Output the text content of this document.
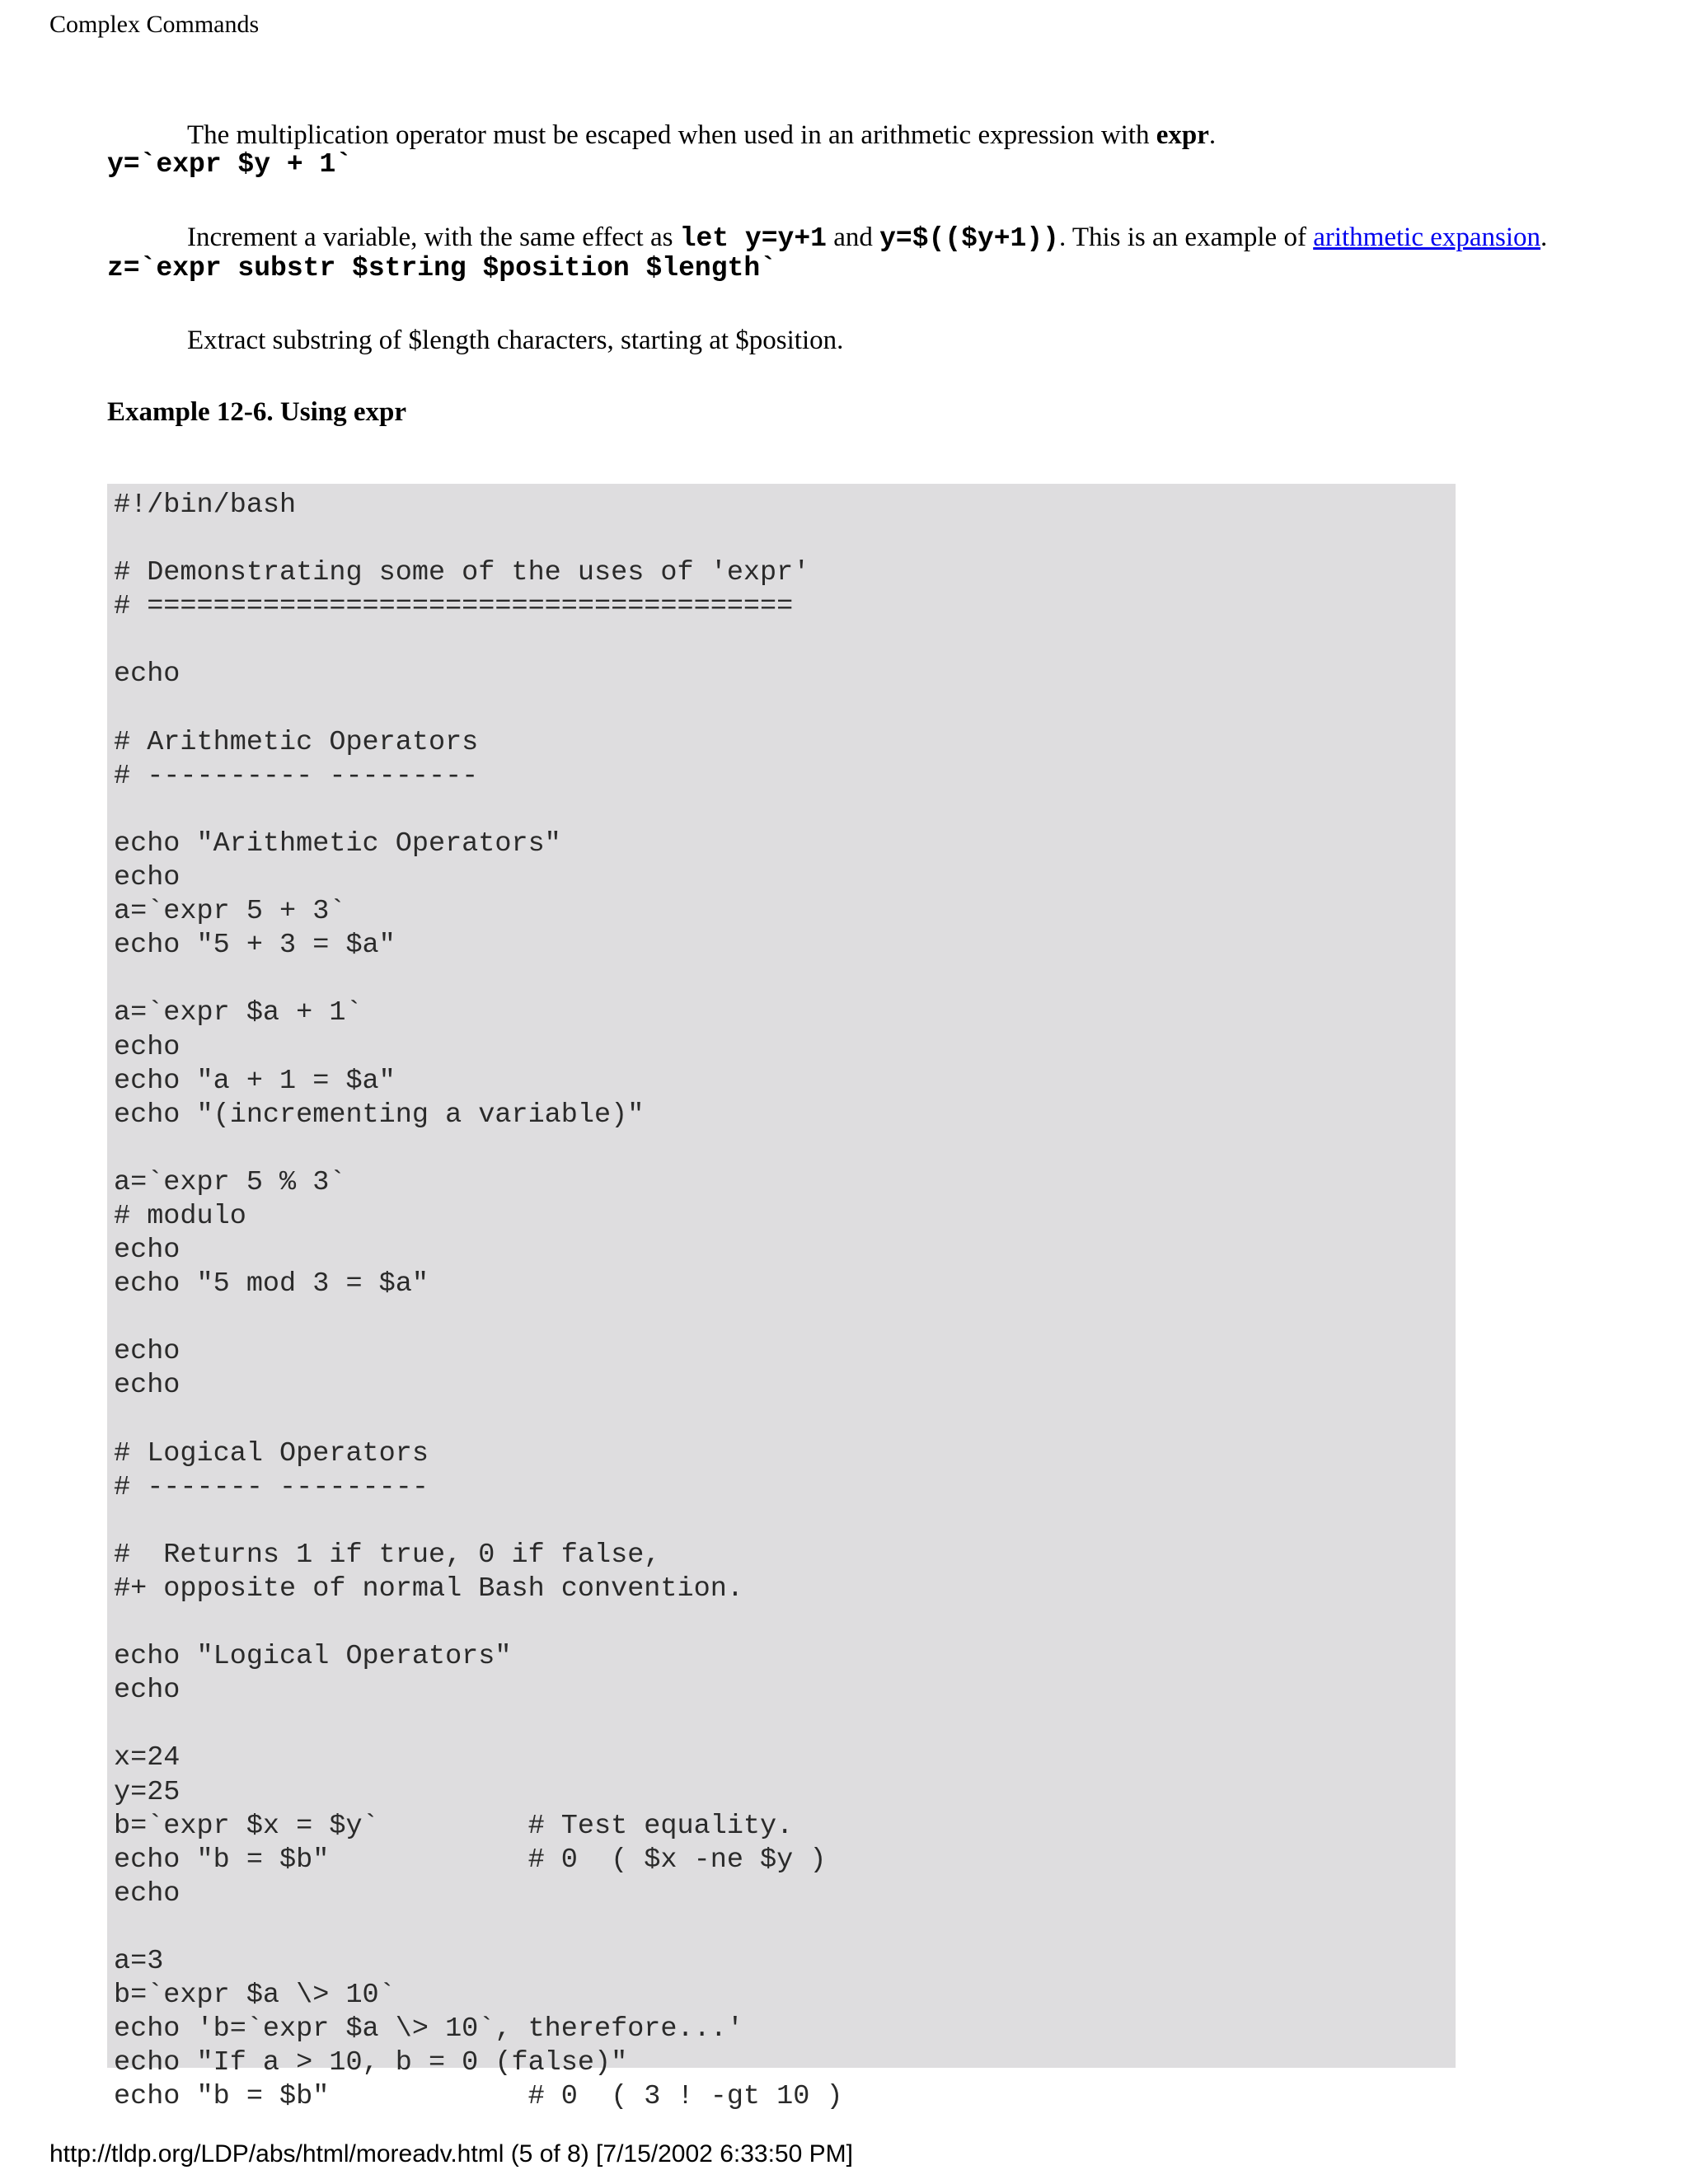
Complex Commands

The multiplication operator must be escaped when used in an arithmetic expression with expr.

y=`expr $y + 1`

Increment a variable, with the same effect as let y=y+1 and y=$(($y+1)). This is an example of arithmetic expansion.

z=`expr substr $string $position $length`

Extract substring of $length characters, starting at $position.

Example 12-6. Using expr

#!/bin/bash

# Demonstrating some of the uses of 'expr'
# =======================================

echo

# Arithmetic Operators
# ---------- ---------

echo "Arithmetic Operators"
echo
a=`expr 5 + 3`
echo "5 + 3 = $a"

a=`expr $a + 1`
echo
echo "a + 1 = $a"
echo "(incrementing a variable)"

a=`expr 5 % 3`
# modulo
echo
echo "5 mod 3 = $a"

echo
echo

# Logical Operators
# ------- ---------

#  Returns 1 if true, 0 if false,
#+ opposite of normal Bash convention.

echo "Logical Operators"
echo

x=24
y=25
b=`expr $x = $y`         # Test equality.
echo "b = $b"            # 0  ( $x -ne $y )
echo

a=3
b=`expr $a \> 10`
echo 'b=`expr $a \> 10`, therefore...'
echo "If a > 10, b = 0 (false)"
echo "b = $b"            # 0  ( 3 ! -gt 10 )
http://tldp.org/LDP/abs/html/moreadv.html (5 of 8) [7/15/2002 6:33:50 PM]
